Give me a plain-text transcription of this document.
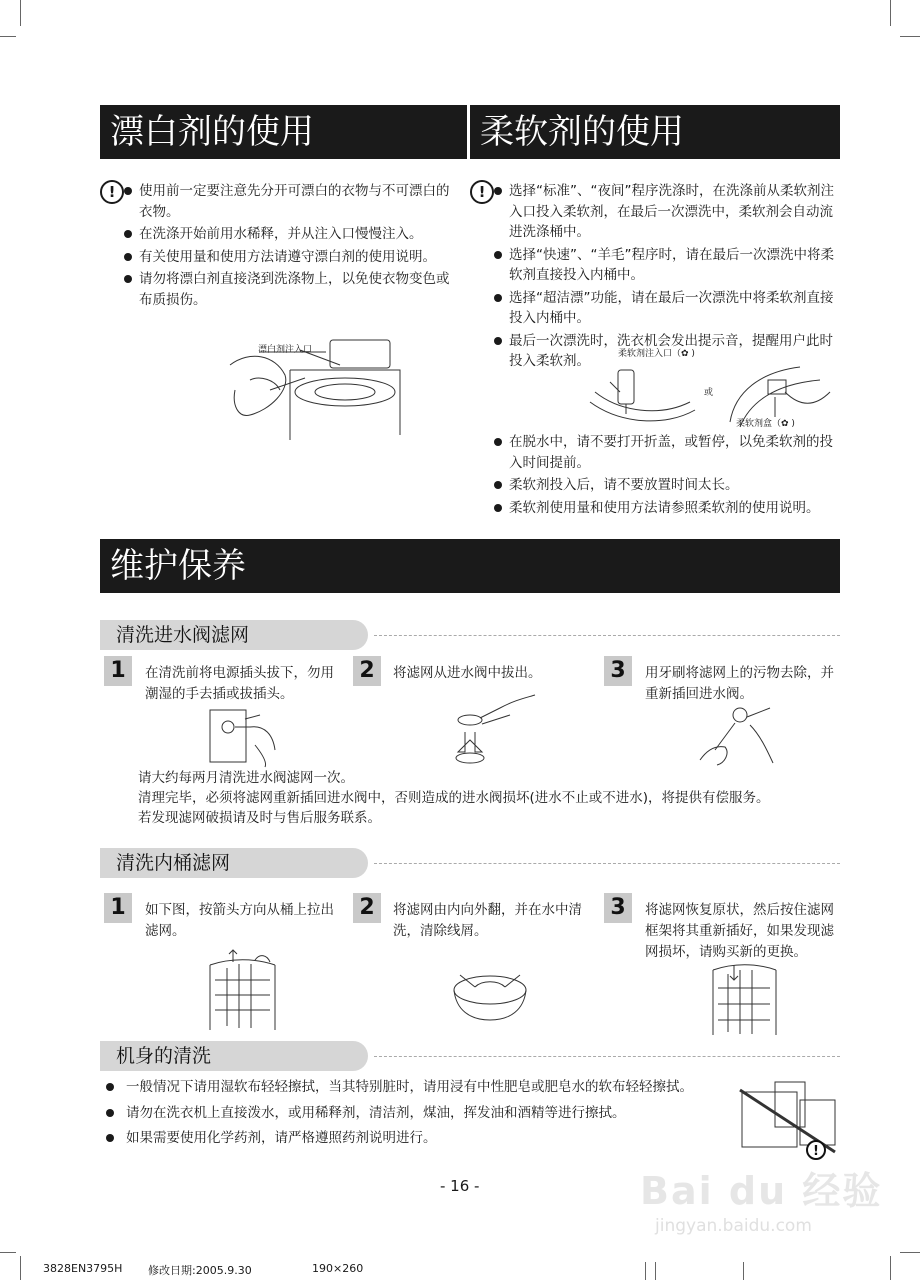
漂白剂的使用	柔软剂的使用
!	使用前一定要注意先分开可漂白的衣物与不可漂白的衣物。
在洗涤开始前用水稀释，并从注入口慢慢注入。
有关使用量和使用方法请遵守漂白剂的使用说明。
请勿将漂白剂直接浇到洗涤物上，以免使衣物变色或布质损伤。
漂白剂注入口
!	选择“标准”、“夜间”程序洗涤时，在洗涤前从柔软剂注入口投入柔软剂，在最后一次漂洗中，柔软剂会自动流进洗涤桶中。
选择“快速”、“羊毛”程序时，请在最后一次漂洗中将柔软剂直接投入内桶中。
选择“超洁漂”功能，请在最后一次漂洗中将柔软剂直接投入内桶中。
最后一次漂洗时，洗衣机会发出提示音，提醒用户此时投入柔软剂。	柔软剂注入口（✿ )
或
柔软剂盒（✿ )
在脱水中，请不要打开折盖，或暂停，以免柔软剂的投入时间提前。
柔软剂投入后，请不要放置时间太长。
柔软剂使用量和使用方法请参照柔软剂的使用说明。
维护保养
清洗进水阀滤网
1	在清洗前将电源插头拔下，勿用潮湿的手去插或拔插头。
2	将滤网从进水阀中拔出。	3	用牙刷将滤网上的污物去除，并重新插回进水阀。
请大约每两月清洗进水阀滤网一次。
清理完毕，必须将滤网重新插回进水阀中，否则造成的进水阀损坏(进水不止或不进水)，将提供有偿服务。
若发现滤网破损请及时与售后服务联系。
清洗内桶滤网
1	如下图，按箭头方向从桶上拉出滤网。
2	将滤网由内向外翻，并在水中清洗，清除线屑。
3	将滤网恢复原状，然后按住滤网框架将其重新插好，如果发现滤网损坏，请购买新的更换。
机身的清洗
一般情况下请用湿软布轻轻擦拭，当其特别脏时，请用浸有中性肥皂或肥皂水的软布轻轻擦拭。
请勿在洗衣机上直接泼水，或用稀释剂，清洁剂，煤油，挥发油和酒精等进行擦拭。
如果需要使用化学药剂，请严格遵照药剂说明进行。
!
- 16 -	Bai du 经验
jingyan.baidu.com
3828EN3795H 修改日期:2005.9.30	190×260
